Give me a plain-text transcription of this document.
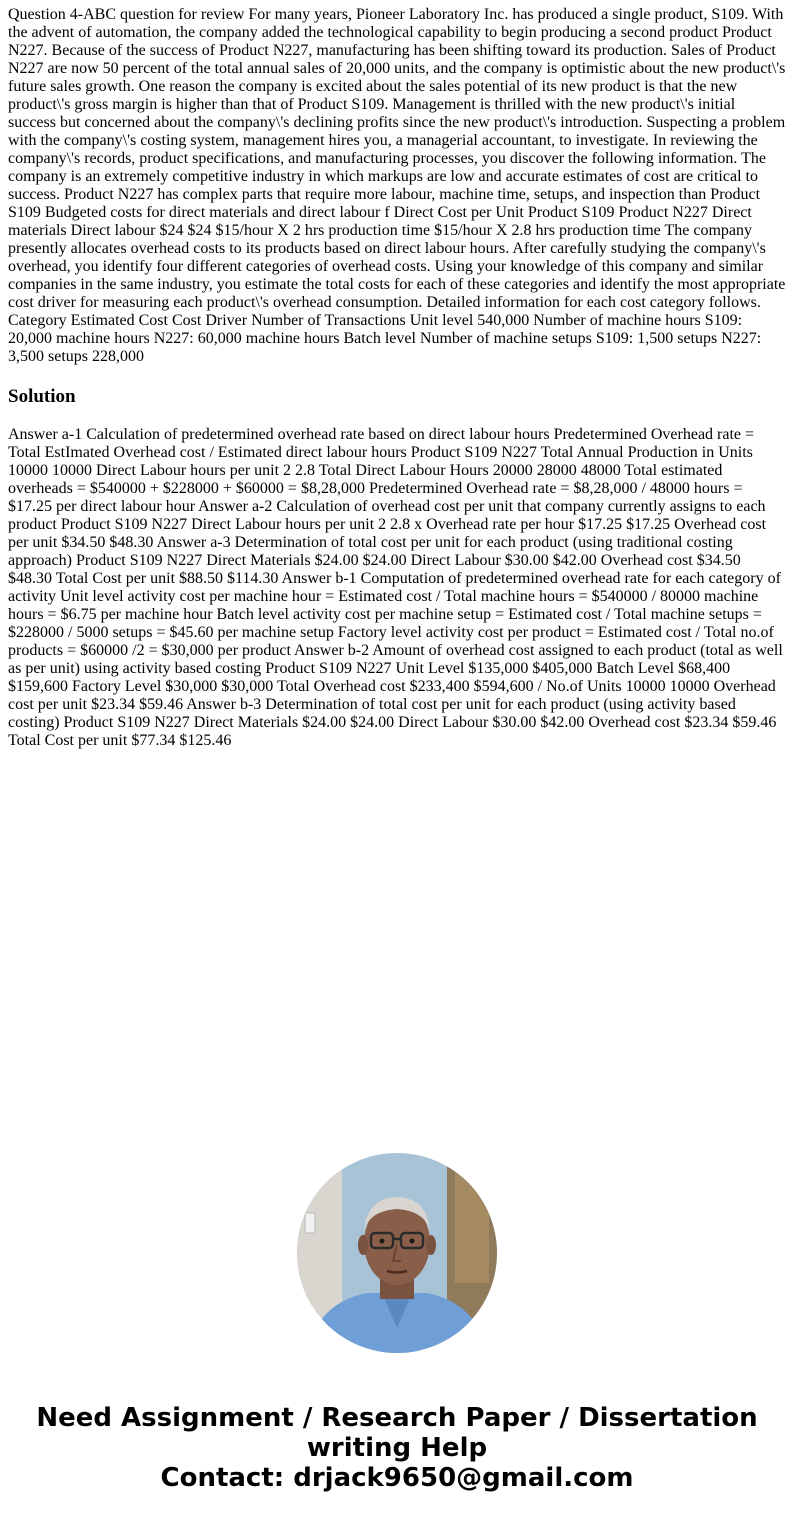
Question 4-ABC question for review For many years, Pioneer Laboratory Inc. has produced a single product, S109. With the advent of automation, the company added the technological capability to begin producing a second product Product N227. Because of the success of Product N227, manufacturing has been shifting toward its production. Sales of Product N227 are now 50 percent of the total annual sales of 20,000 units, and the company is optimistic about the new product\'s future sales growth. One reason the company is excited about the sales potential of its new product is that the new product\'s gross margin is higher than that of Product S109. Management is thrilled with the new product\'s initial success but concerned about the company\'s declining profits since the new product\'s introduction. Suspecting a problem with the company\'s costing system, management hires you, a managerial accountant, to investigate. In reviewing the company\'s records, product specifications, and manufacturing processes, you discover the following information. The company is an extremely competitive industry in which markups are low and accurate estimates of cost are critical to success. Product N227 has complex parts that require more labour, machine time, setups, and inspection than Product S109 Budgeted costs for direct materials and direct labour f Direct Cost per Unit Product S109 Product N227 Direct materials Direct labour $24 $24 $15/hour X 2 hrs production time $15/hour X 2.8 hrs production time The company presently allocates overhead costs to its products based on direct labour hours. After carefully studying the company\'s overhead, you identify four different categories of overhead costs. Using your knowledge of this company and similar companies in the same industry, you estimate the total costs for each of these categories and identify the most appropriate cost driver for measuring each product\'s overhead consumption. Detailed information for each cost category follows. Category Estimated Cost Cost Driver Number of Transactions Unit level 540,000 Number of machine hours S109: 20,000 machine hours N227: 60,000 machine hours Batch level Number of machine setups S109: 1,500 setups N227: 3,500 setups 228,000

Solution

Answer a-1 Calculation of predetermined overhead rate based on direct labour hours Predetermined Overhead rate = Total EstImated Overhead cost / Estimated direct labour hours Product S109 N227 Total Annual Production in Units 10000 10000 Direct Labour hours per unit 2 2.8 Total Direct Labour Hours 20000 28000 48000 Total estimated overheads = $540000 + $228000 + $60000 = $8,28,000 Predetermined Overhead rate = $8,28,000 / 48000 hours = $17.25 per direct labour hour Answer a-2 Calculation of overhead cost per unit that company currently assigns to each product Product S109 N227 Direct Labour hours per unit 2 2.8 x Overhead rate per hour $17.25 $17.25 Overhead cost per unit $34.50 $48.30 Answer a-3 Determination of total cost per unit for each product (using traditional costing approach) Product S109 N227 Direct Materials $24.00 $24.00 Direct Labour $30.00 $42.00 Overhead cost $34.50 $48.30 Total Cost per unit $88.50 $114.30 Answer b-1 Computation of predetermined overhead rate for each category of activity Unit level activity cost per machine hour = Estimated cost / Total machine hours = $540000 / 80000 machine hours = $6.75 per machine hour Batch level activity cost per machine setup = Estimated cost / Total machine setups = $228000 / 5000 setups = $45.60 per machine setup Factory level activity cost per product = Estimated cost / Total no.of products = $60000 /2 = $30,000 per product Answer b-2 Amount of overhead cost assigned to each product (total as well as per unit) using activity based costing Product S109 N227 Unit Level $135,000 $405,000 Batch Level $68,400 $159,600 Factory Level $30,000 $30,000 Total Overhead cost $233,400 $594,600 / No.of Units 10000 10000 Overhead cost per unit $23.34 $59.46 Answer b-3 Determination of total cost per unit for each product (using activity based costing) Product S109 N227 Direct Materials $24.00 $24.00 Direct Labour $30.00 $42.00 Overhead cost $23.34 $59.46 Total Cost per unit $77.34 $125.46

Need Assignment / Research Paper / Dissertation
writing Help
Contact: drjack9650@gmail.com
